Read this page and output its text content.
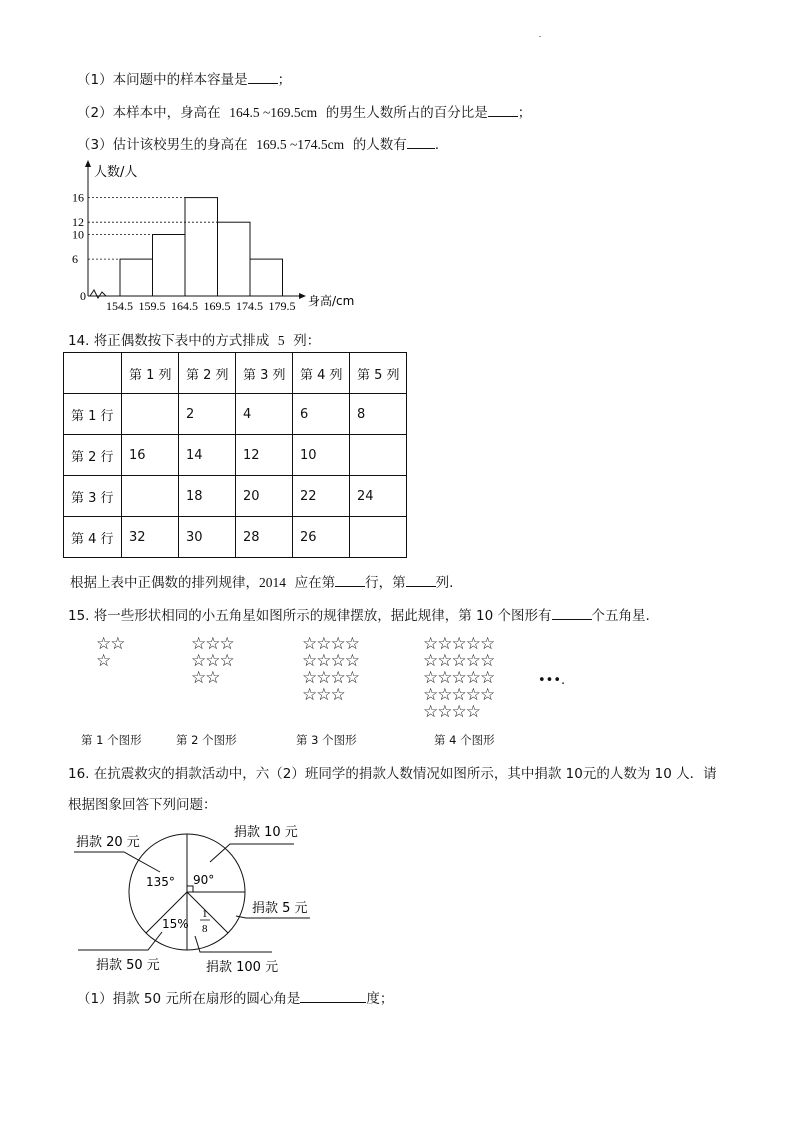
（1）本问题中的样本容量是 ；
（2）本样本中，身高在 164.5 ~169.5cm 的男生人数所占的百分比是 ；
（3）估计该校男生的身高在 169.5 ~174.5cm 的人数有 .
16
12
10
6
154.5 159.5 164.5 169.5 174.5 179.5
0
人数/人
身高/cm
14. 将正偶数按下表中的方式排成 5 列：
	第 1 列	第 2 列	第 3 列	第 4 列	第 5 列
第 1 行		2	4	6	8
第 2 行	16	14	12	10	
第 3 行		18	20	22	24
第 4 行	32	30	28	26	
根据上表中正偶数的排列规律，2014 应在第 行，第 列.
15. 将一些形状相同的小五角星如图所示的规律摆放，据此规律，第 10 个图形有	个五角星.
☆☆
☆
☆☆☆
☆☆☆
☆☆
☆☆☆☆
☆☆☆☆
☆☆☆☆
☆☆☆
☆☆☆☆☆
☆☆☆☆☆
☆☆☆☆☆
☆☆☆☆☆
☆☆☆☆
•••.
第 1 个图形	第 2 个图形	第 3 个图形	第 4 个图形
16. 在抗震救灾的捐款活动中，六（2）班同学的捐款人数情况如图所示，其中捐款 10元的人数为 10 人．请
根据图象回答下列问题：
捐款 20 元
捐款 10 元
捐款 5 元
捐款 50 元	捐款 100 元
135° 90°
15%
1
8
（1）捐款 50 元所在扇形的圆心角是	度；
